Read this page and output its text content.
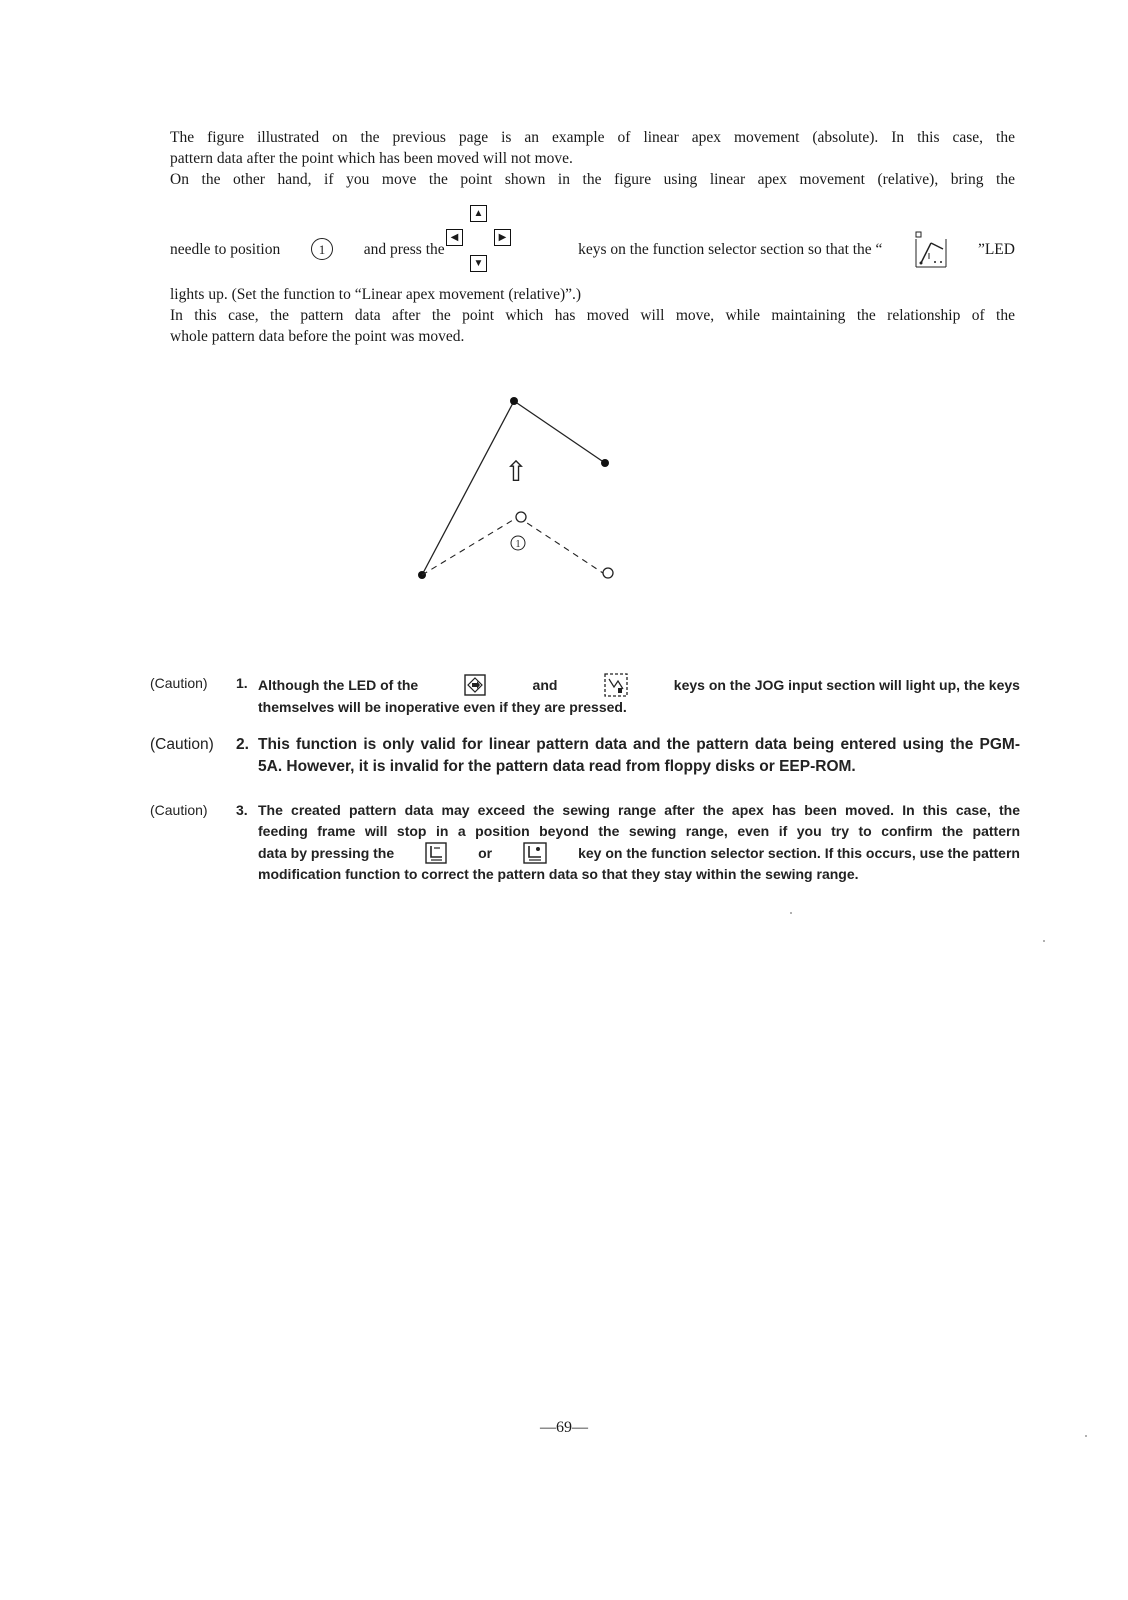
The figure illustrated on the previous page is an example of linear apex movement (absolute). In this case, the

pattern data after the point which has been moved will not move.

On the other hand, if you move the point shown in the figure using linear apex movement (relative), bring the

▲
◀	▶
▼
needle to position	1	and press the	keys on the function selector section so that the “	”LED

lights up. (Set the function to “Linear apex movement (relative)”.)

In this case, the pattern data after the point which has moved will move, while maintaining the relationship of the

whole pattern data before the point was moved.

1
⇧
(Caution)	1. Although the LED of the	and	keys on the JOG input section will light up, the keys
themselves will be inoperative even if they are pressed.
(Caution)	2. This function is only valid for linear pattern data and the pattern data being entered using the PGM-
5A. However, it is invalid for the pattern data read from floppy disks or EEP-ROM.
(Caution)	3. The created pattern data may exceed the sewing range after the apex has been moved. In this case, the
feeding frame will stop in a position beyond the sewing range, even if you try to confirm the pattern
data by pressing the	or	key on the function selector section. If this occurs, use the pattern
modification function to correct the pattern data so that they stay within the sewing range.
—69—
